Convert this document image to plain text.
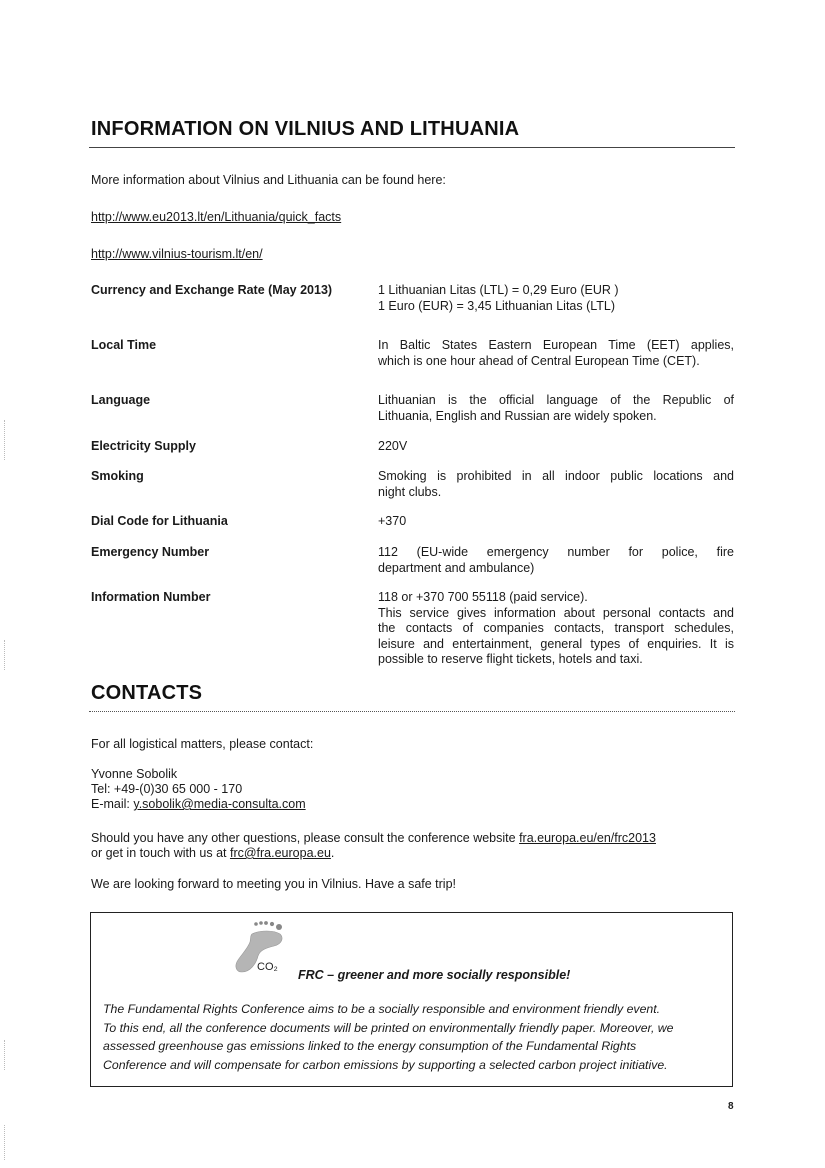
INFORMATION ON VILNIUS AND LITHUANIA
More information about Vilnius and Lithuania can be found here:
http://www.eu2013.lt/en/Lithuania/quick_facts
http://www.vilnius-tourism.lt/en/
Currency and Exchange Rate (May 2013)	1 Lithuanian Litas (LTL) = 0,29 Euro (EUR )
1 Euro (EUR) = 3,45 Lithuanian Litas (LTL)
Local Time	In Baltic States Eastern European Time (EET) applies,
which is one hour ahead of Central European Time (CET).
Language	Lithuanian is the official language of the Republic of
Lithuania, English and Russian are widely spoken.
Electricity Supply	220V
Smoking	Smoking is prohibited in all indoor public locations and
night clubs.
Dial Code for Lithuania	+370
Emergency Number	112 (EU-wide emergency number for police, fire
department and ambulance)
Information Number	118 or +370 700 55118 (paid service).
This service gives information about personal contacts and
the contacts of companies contacts, transport schedules,
leisure and entertainment, general types of enquiries. It is
possible to reserve flight tickets, hotels and taxi.
CONTACTS
For all logistical matters, please contact:
Yvonne Sobolik
Tel: +49-(0)30 65 000 - 170
E-mail: y.sobolik@media-consulta.com
Should you have any other questions, please consult the conference website fra.europa.eu/en/frc2013
or get in touch with us at frc@fra.europa.eu.
We are looking forward to meeting you in Vilnius. Have a safe trip!
CO₂
FRC – greener and more socially responsible!
The Fundamental Rights Conference aims to be a socially responsible and environment friendly event.
To this end, all the conference documents will be printed on environmentally friendly paper. Moreover, we
assessed greenhouse gas emissions linked to the energy consumption of the Fundamental Rights
Conference and will compensate for carbon emissions by supporting a selected carbon project initiative.
8
